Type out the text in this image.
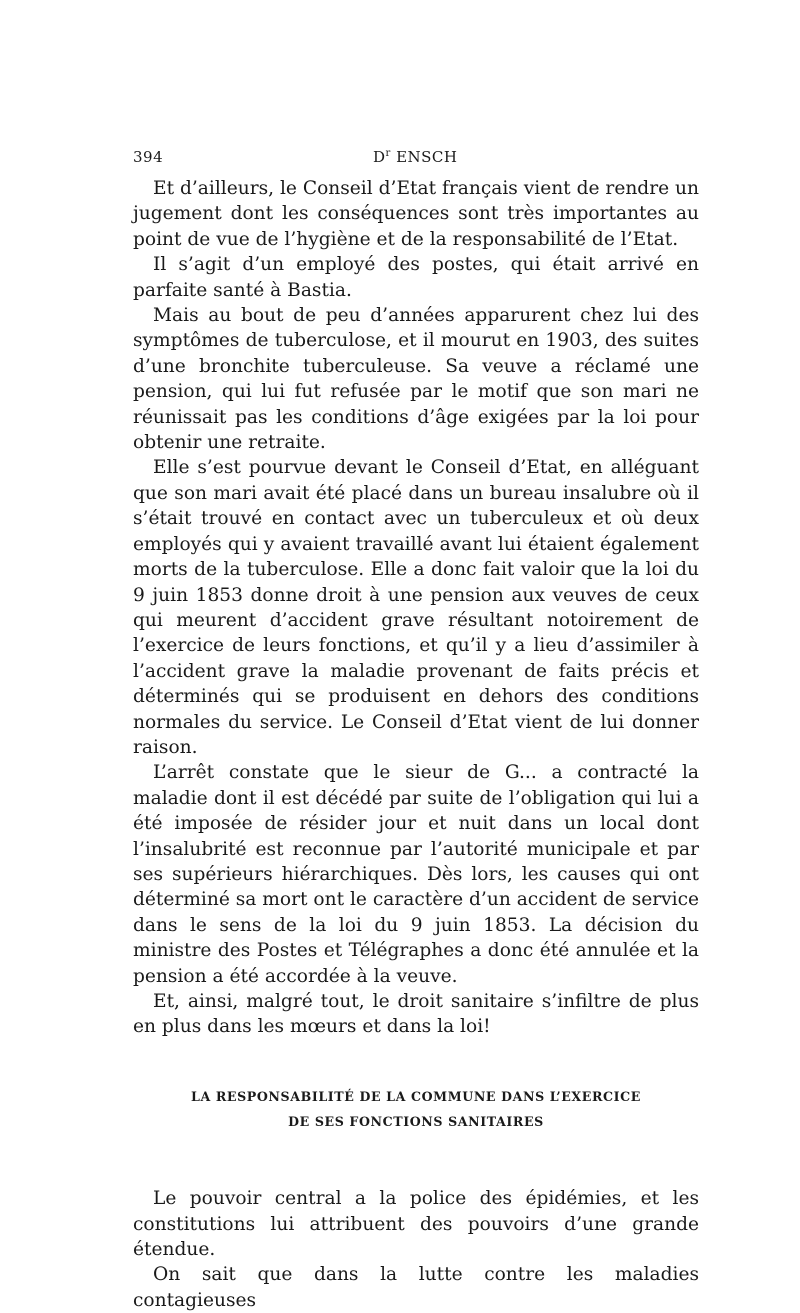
394	$D^r$ ENSCH

Et d’ailleurs, le Conseil d’Etat français vient de rendre un jugement dont les conséquences sont très importantes au point de vue de l’hygiène et de la responsabilité de l’Etat.

Il s’agit d’un employé des postes, qui était arrivé en parfaite santé à Bastia.

Mais au bout de peu d’années apparurent chez lui des symptômes de tuberculose, et il mourut en 1903, des suites d’une bronchite tuberculeuse. Sa veuve a réclamé une pension, qui lui fut refusée par le motif que son mari ne réunissait pas les conditions d’âge exigées par la loi pour obtenir une retraite.

Elle s’est pourvue devant le Conseil d’Etat, en alléguant que son mari avait été placé dans un bureau insalubre où il s’était trouvé en contact avec un tuberculeux et où deux employés qui y avaient travaillé avant lui étaient également morts de la tuberculose. Elle a donc fait valoir que la loi du 9 juin 1853 donne droit à une pension aux veuves de ceux qui meurent d’accident grave résultant notoirement de l’exercice de leurs fonctions, et qu’il y a lieu d’assimiler à l’accident grave la maladie provenant de faits précis et déterminés qui se produisent en dehors des conditions normales du service. Le Conseil d’Etat vient de lui donner raison.

L’arrêt constate que le sieur de G... a contracté la maladie dont il est décédé par suite de l’obligation qui lui a été imposée de résider jour et nuit dans un local dont l’insalubrité est reconnue par l’autorité municipale et par ses supérieurs hiérarchiques. Dès lors, les causes qui ont déterminé sa mort ont le caractère d’un accident de service dans le sens de la loi du 9 juin 1853. La décision du ministre des Postes et Télégraphes a donc été annulée et la pension a été accordée à la veuve.

Et, ainsi, malgré tout, le droit sanitaire s’infiltre de plus en plus dans les mœurs et dans la loi!

LA RESPONSABILITÉ DE LA COMMUNE DANS L’EXERCICE
DE SES FONCTIONS SANITAIRES

Le pouvoir central a la police des épidémies, et les constitutions lui attribuent des pouvoirs d’une grande étendue.

On sait que dans la lutte contre les maladies contagieuses
